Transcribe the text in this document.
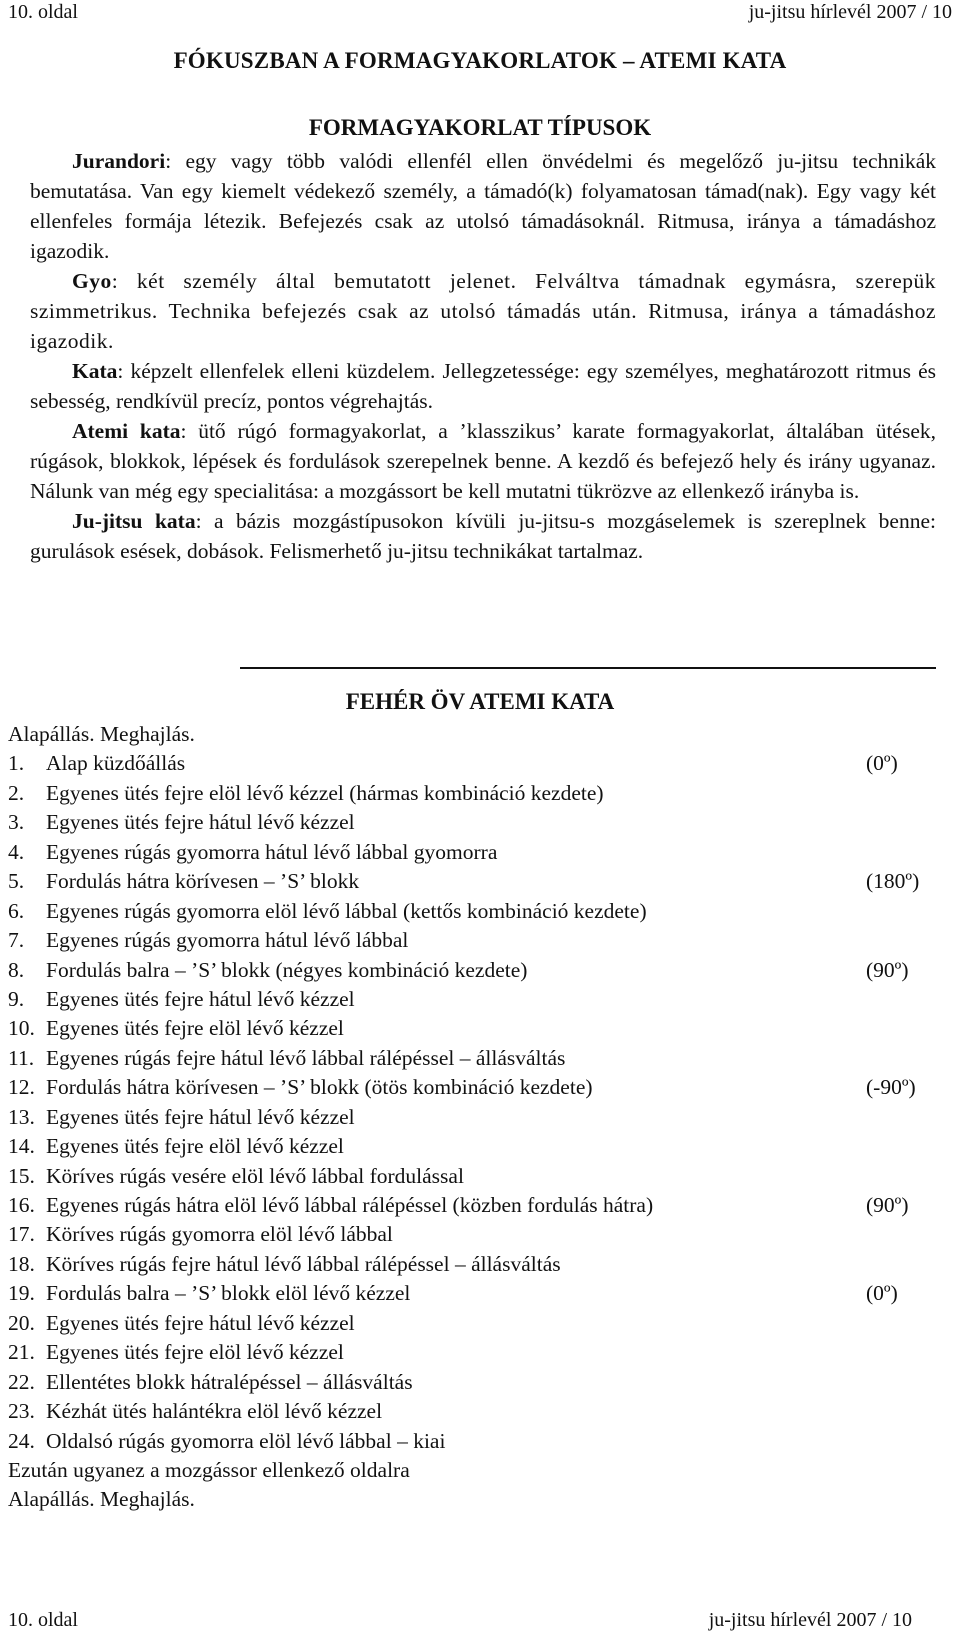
10. oldal	ju-jitsu hírlevél 2007 / 10
FÓKUSZBAN A FORMAGYAKORLATOK – ATEMI KATA
FORMAGYAKORLAT TÍPUSOK

Jurandori: egy vagy több valódi ellenfél ellen önvédelmi és megelőző ju-jitsu technikák bemutatása. Van egy kiemelt védekező személy, a támadó(k) folyamatosan támad(nak). Egy vagy két ellenfeles formája létezik. Befejezés csak az utolsó támadásoknál. Ritmusa, iránya a támadáshoz igazodik.

Gyo: két személy által bemutatott jelenet. Felváltva támadnak egymásra, szerepük szimmetrikus. Technika befejezés csak az utolsó támadás után. Ritmusa, iránya a támadáshoz igazodik.

Kata: képzelt ellenfelek elleni küzdelem. Jellegzetessége: egy személyes, meghatározott ritmus és sebesség, rendkívül precíz, pontos végrehajtás.

Atemi kata: ütő rúgó formagyakorlat, a ’klasszikus’ karate formagyakorlat, általában ütések, rúgások, blokkok, lépések és fordulások szerepelnek benne. A kezdő és befejező hely és irány ugyanaz. Nálunk van még egy specialitása: a mozgássort be kell mutatni tükrözve az ellenkező irányba is.

Ju-jitsu kata: a bázis mozgástípusokon kívüli ju-jitsu-s mozgáselemek is szereplnek benne: gurulások esések, dobások. Felismerhető ju-jitsu technikákat tartalmaz.

FEHÉR ÖV ATEMI KATA
Alapállás. Meghajlás.
1.	Alap küzdőállás	(0º)
2.	Egyenes ütés fejre elöl lévő kézzel (hármas kombináció kezdete)
3.	Egyenes ütés fejre hátul lévő kézzel
4.	Egyenes rúgás gyomorra hátul lévő lábbal gyomorra
5.	Fordulás hátra körívesen – ’S’ blokk	(180º)
6.	Egyenes rúgás gyomorra elöl lévő lábbal (kettős kombináció kezdete)
7.	Egyenes rúgás gyomorra hátul lévő lábbal
8.	Fordulás balra – ’S’ blokk (négyes kombináció kezdete)	(90º)
9.	Egyenes ütés fejre hátul lévő kézzel
10. Egyenes ütés fejre elöl lévő kézzel
11. Egyenes rúgás fejre hátul lévő lábbal rálépéssel – állásváltás
12. Fordulás hátra körívesen – ’S’ blokk (ötös kombináció kezdete)	(-90º)
13. Egyenes ütés fejre hátul lévő kézzel
14. Egyenes ütés fejre elöl lévő kézzel
15. Köríves rúgás vesére elöl lévő lábbal fordulással
16. Egyenes rúgás hátra elöl lévő lábbal rálépéssel (közben fordulás hátra)	(90º)
17. Köríves rúgás gyomorra elöl lévő lábbal
18. Köríves rúgás fejre hátul lévő lábbal rálépéssel – állásváltás
19. Fordulás balra – ’S’ blokk elöl lévő kézzel	(0º)
20. Egyenes ütés fejre hátul lévő kézzel
21. Egyenes ütés fejre elöl lévő kézzel
22. Ellentétes blokk hátralépéssel – állásváltás
23. Kézhát ütés halántékra elöl lévő kézzel
24. Oldalsó rúgás gyomorra elöl lévő lábbal – kiai
Ezután ugyanez a mozgássor ellenkező oldalra
Alapállás. Meghajlás.
10. oldal	ju-jitsu hírlevél 2007 / 10
